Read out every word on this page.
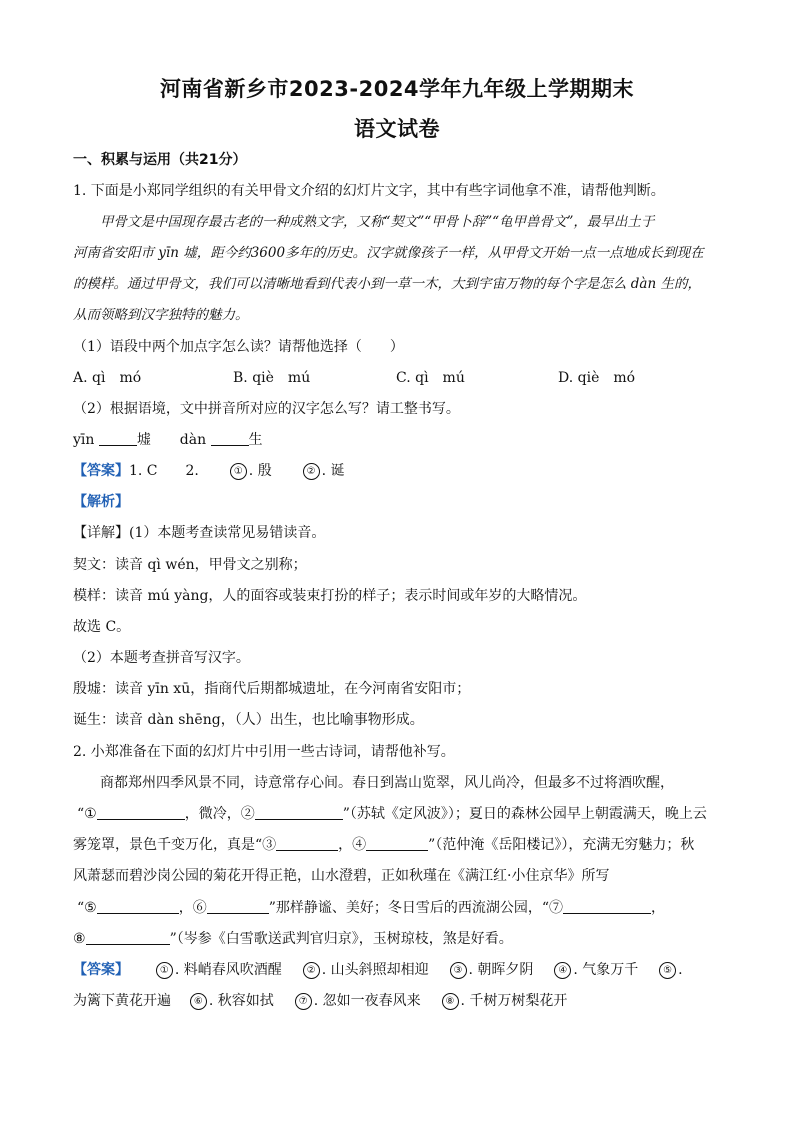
河南省新乡市2023-2024学年九年级上学期期末
语文试卷
一、积累与运用（共21分）
1. 下面是小郑同学组织的有关甲骨文介绍的幻灯片文字，其中有些字词他拿不准，请帮他判断。
甲骨文是中国现存最古老的一种成熟文字，又称“契文”“甲骨卜辞”“龟甲兽骨文”，最早出土于
河南省安阳市 yīn 墟，距今约3600多年的历史。汉字就像孩子一样，从甲骨文开始一点一点地成长到现在
的模样。通过甲骨文，我们可以清晰地看到代表小到一草一木，大到宇宙万物的每个字是怎么 dàn 生的，
从而领略到汉字独特的魅力。
（1）语段中两个加点字怎么读？请帮他选择（　　）
A. qì　mó	B. qiè　mú	C. qì　mú	D. qiè　mó
（2）根据语境，文中拼音所对应的汉字怎么写？请工整书写。
yīn	墟 dàn	生
【答案】1. C　　2.	① . 殷	② . 诞
【解析】
【详解】(1）本题考查读常见易错读音。
契文：读音 qì wén，甲骨文之别称；
模样：读音 mú yàng，人的面容或装束打扮的样子；表示时间或年岁的大略情况。
故选 C。
（2）本题考查拼音写汉字。
殷墟：读音 yīn xū，指商代后期都城遗址，在今河南省安阳市；
诞生：读音 dàn shēng，（人）出生，也比喻事物形成。
2. 小郑准备在下面的幻灯片中引用一些古诗词，请帮他补写。
商都郑州四季风景不同，诗意常存心间。春日到嵩山览翠，风儿尚冷，但最多不过将酒吹醒，
“①	，微冷，②	”（苏轼《定风波》）；夏日的森林公园早上朝霞满天，晚上云
雾笼罩，景色千变万化，真是“③	，④	”（范仲淹《岳阳楼记》），充满无穷魅力；秋
风萧瑟而碧沙岗公园的菊花开得正艳，山水澄碧，正如秋瑾在《满江红·小住京华》所写
“⑤	，⑥	”那样静谧、美好；冬日雪后的西流湖公园，“⑦	，
⑧	”（岑参《白雪歌送武判官归京》，玉树琼枝，煞是好看。
【答案】	① . 料峭春风吹酒醒 ② . 山头斜照却相迎 ③ . 朝晖夕阴 ④ . 气象万千 ⑤ .
为篱下黄花开遍 ⑥ . 秋容如拭 ⑦ . 忽如一夜春风来 ⑧ . 千树万树梨花开
